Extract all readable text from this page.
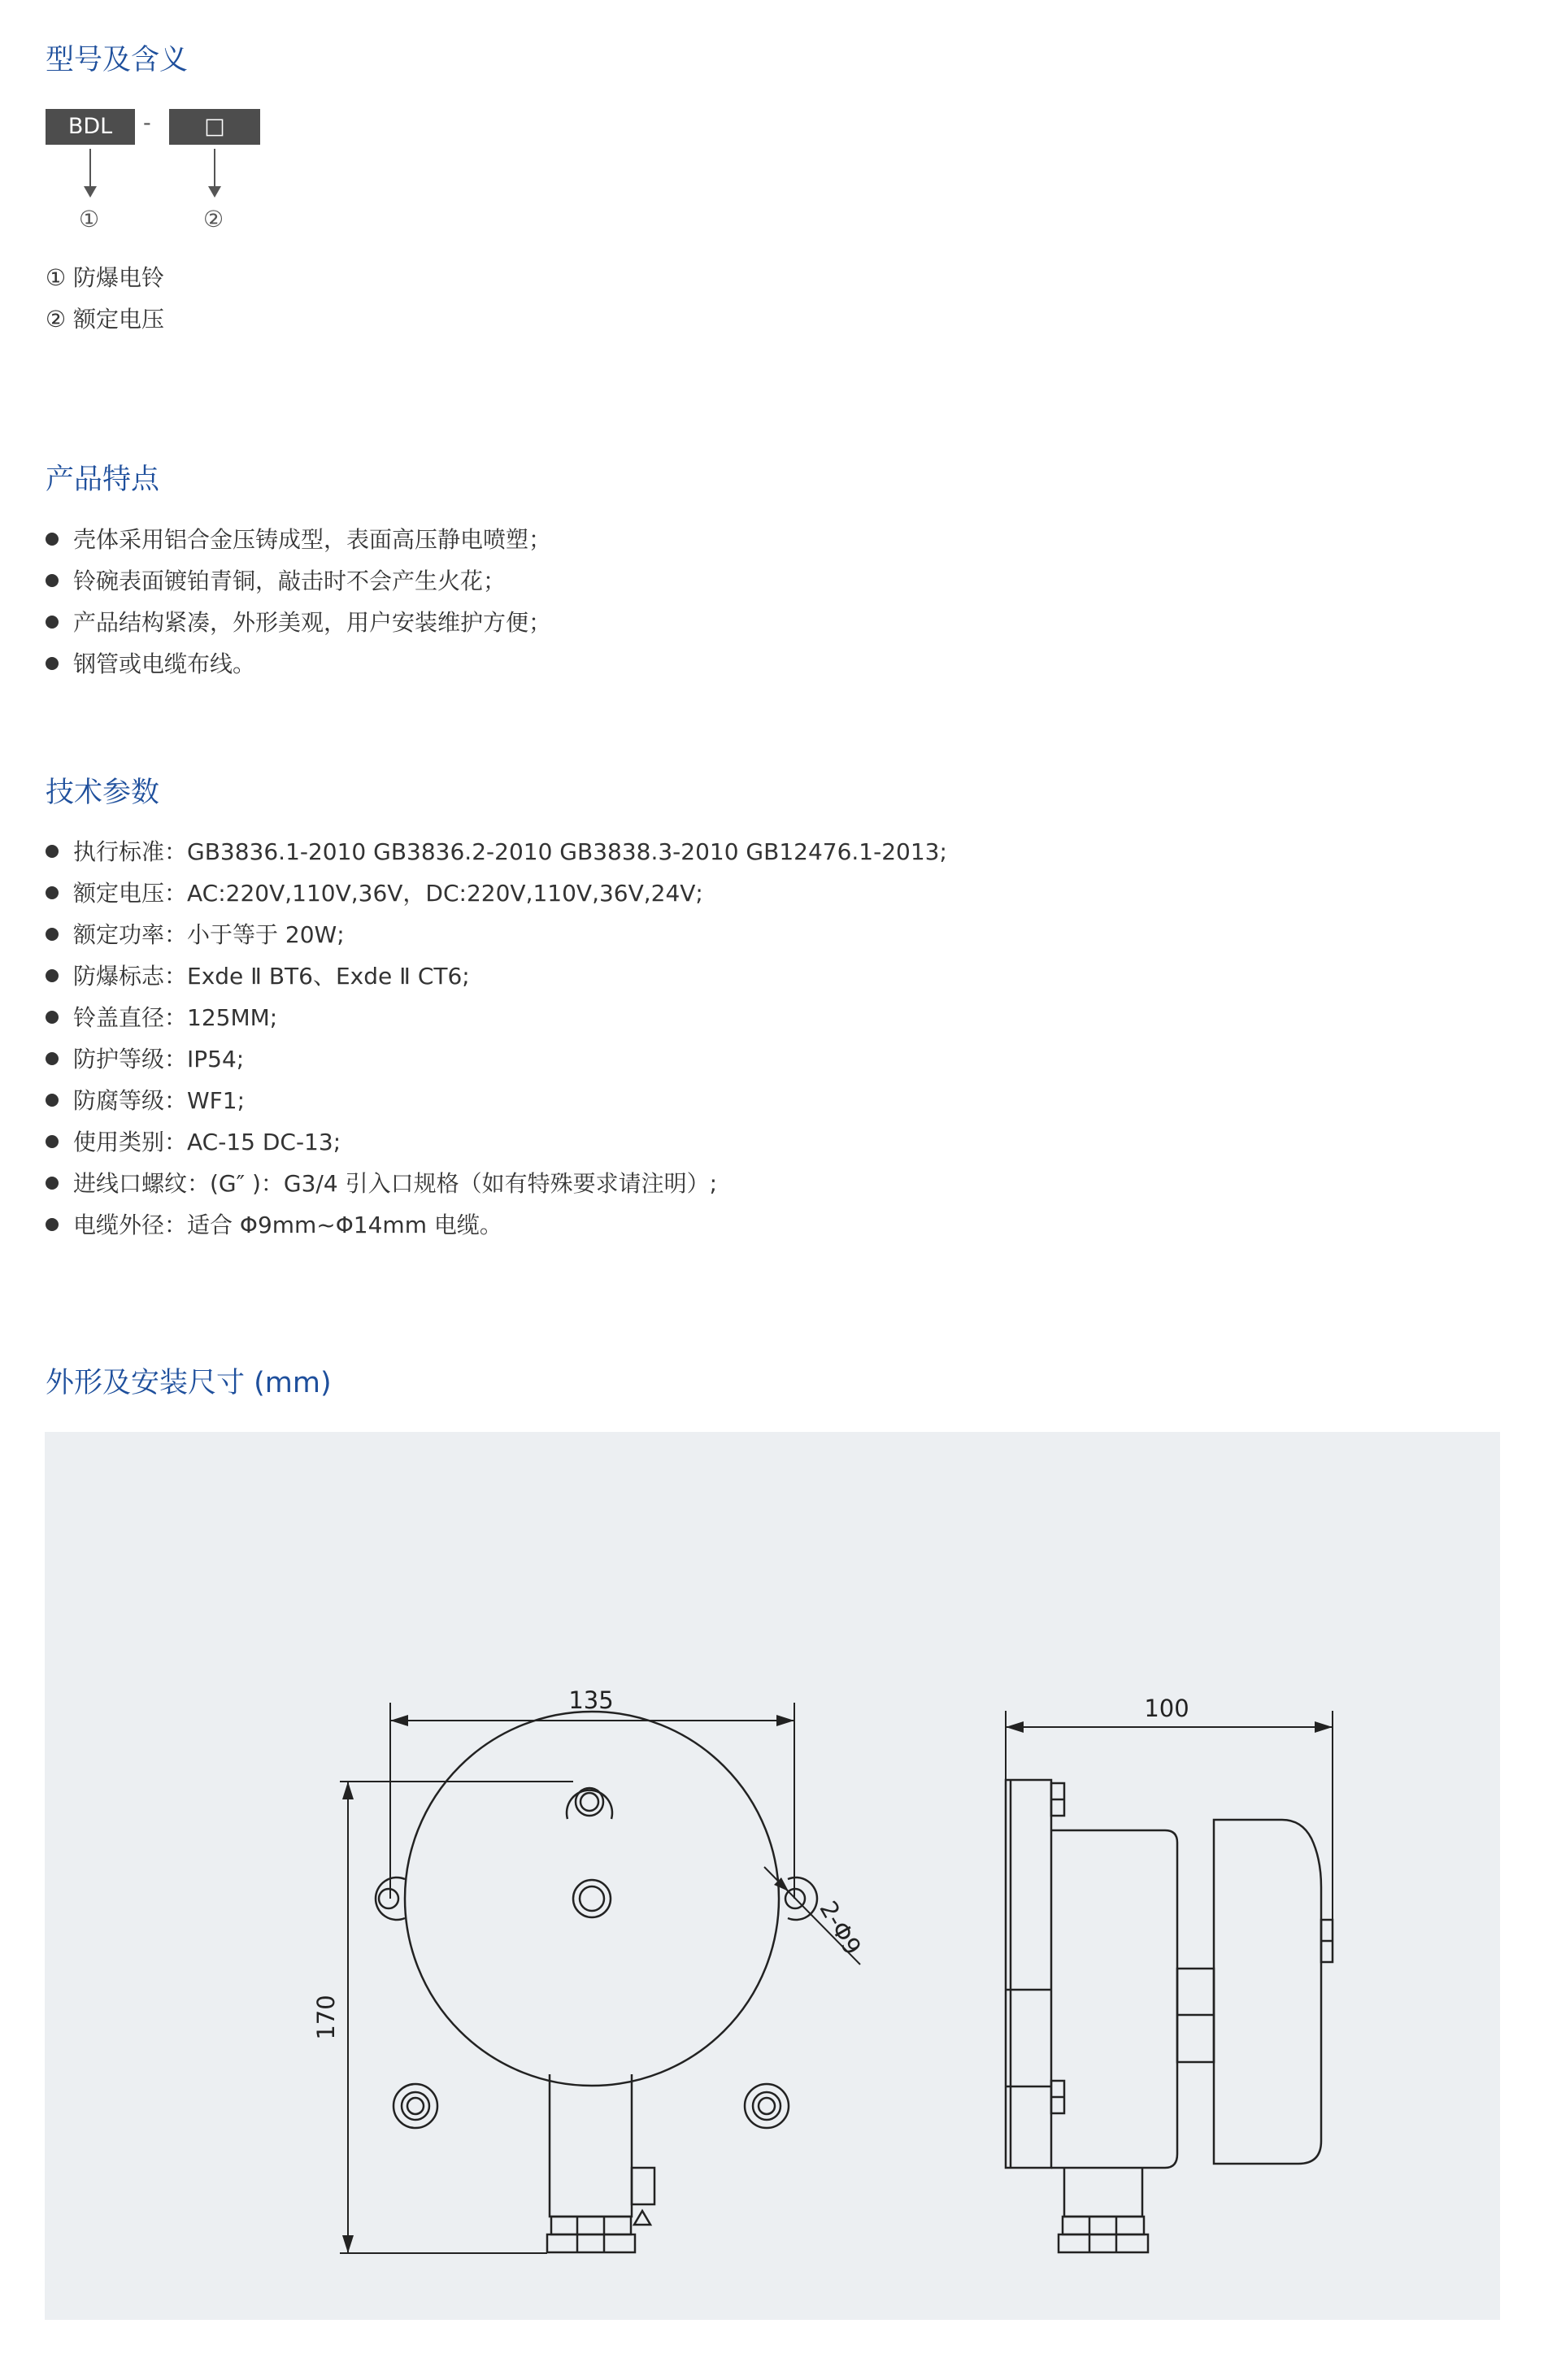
型号及含义
BDL	-	□
①	②
① 防爆电铃
② 额定电压
产品特点
壳体采用铝合金压铸成型，表面高压静电喷塑；
铃碗表面镀铂青铜，敲击时不会产生火花；
产品结构紧凑，外形美观，用户安装维护方便；
钢管或电缆布线。
技术参数
执行标准：GB3836.1-2010 GB3836.2-2010 GB3838.3-2010 GB12476.1-2013;
额定电压：AC:220V,110V,36V，DC:220V,110V,36V,24V;
额定功率：小于等于 20W;
防爆标志：Exde Ⅱ BT6、Exde Ⅱ CT6;
铃盖直径：125MM;
防护等级：IP54;
防腐等级：WF1;
使用类别：AC-15 DC-13;
进线口螺纹：(G″ )：G3/4 引入口规格（如有特殊要求请注明）;
电缆外径：适合 Φ9mm~Φ14mm 电缆。
外形及安装尺寸 (mm)
135
170
2-Φ9
100
